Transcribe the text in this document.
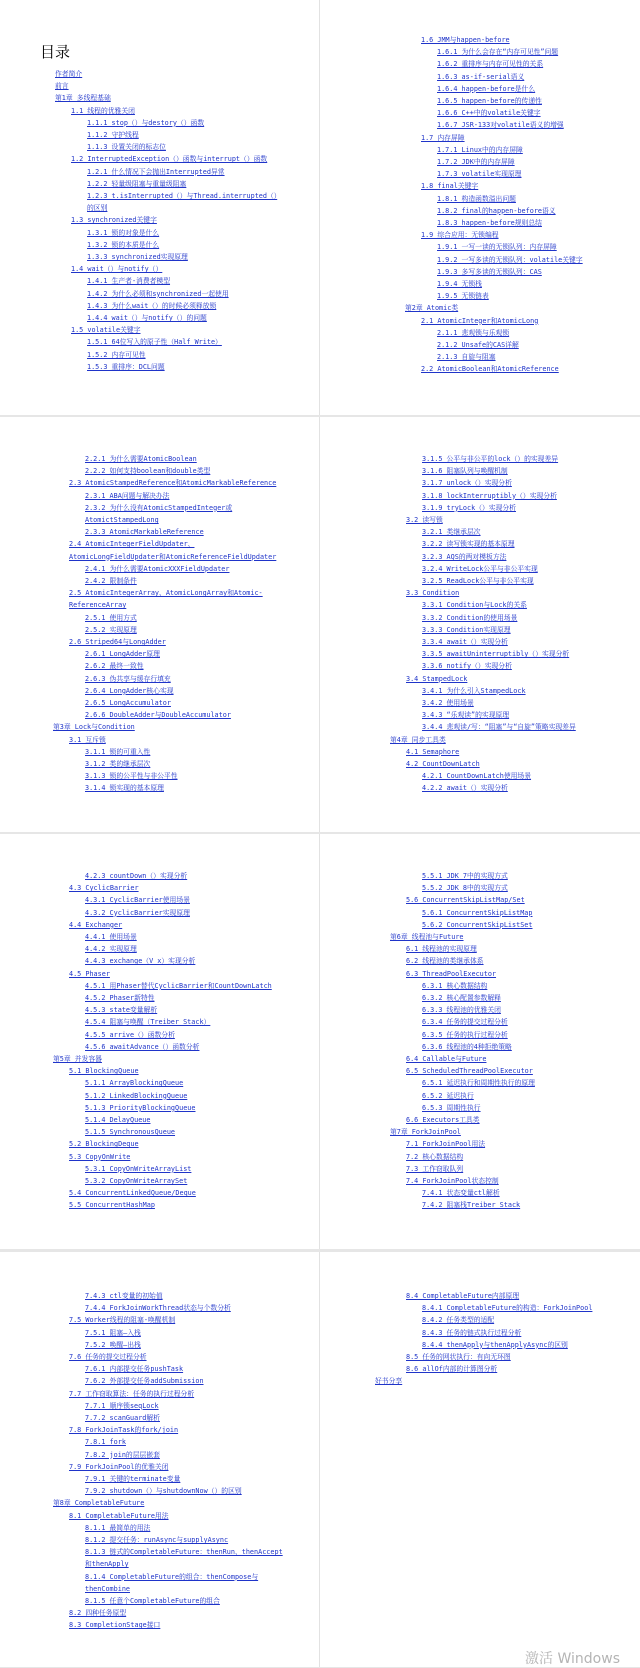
目录
作者简介
前言
第1章 多线程基础
1.1 线程的优雅关闭
1.1.1 stop（）与destory（）函数
1.1.2 守护线程
1.1.3 设置关闭的标志位
1.2 InterruptedException（）函数与interrupt（）函数
1.2.1 什么情况下会抛出Interrupted异常
1.2.2 轻量级阻塞与重量级阻塞
1.2.3 t.isInterrupted（）与Thread.interrupted（）的区别
1.3 synchronized关键字
1.3.1 锁的对象是什么
1.3.2 锁的本质是什么
1.3.3 synchronized实现原理
1.4 wait（）与notify（）
1.4.1 生产者-消费者模型
1.4.2 为什么必须和synchronized一起使用
1.4.3 为什么wait（）的时候必须释放锁
1.4.4 wait（）与notify（）的问题
1.5 volatile关键字
1.5.1 64位写入的原子性（Half Write）
1.5.2 内存可见性
1.5.3 重排序：DCL问题
1.6 JMM与happen-before
1.6.1 为什么会存在“内存可见性”问题
1.6.2 重排序与内存可见性的关系
1.6.3 as-if-serial语义
1.6.4 happen-before是什么
1.6.5 happen-before的传递性
1.6.6 C++中的volatile关键字
1.6.7 JSR-133对volatile语义的增强
1.7 内存屏障
1.7.1 Linux中的内存屏障
1.7.2 JDK中的内存屏障
1.7.3 volatile实现原理
1.8 final关键字
1.8.1 构造函数溢出问题
1.8.2 final的happen-before语义
1.8.3 happen-before规则总结
1.9 综合应用：无锁编程
1.9.1 一写一读的无锁队列：内存屏障
1.9.2 一写多读的无锁队列：volatile关键字
1.9.3 多写多读的无锁队列：CAS
1.9.4 无锁栈
1.9.5 无锁链表
第2章 Atomic类
2.1 AtomicInteger和AtomicLong
2.1.1 悲观锁与乐观锁
2.1.2 Unsafe的CAS详解
2.1.3 自旋与阻塞
2.2 AtomicBoolean和AtomicReference
2.2.1 为什么需要AtomicBoolean
2.2.2 如何支持boolean和double类型
2.3 AtomicStampedReference和AtomicMarkableReference
2.3.1 ABA问题与解决办法
2.3.2 为什么没有AtomicStampedInteger或AtomictStampedLong
2.3.3 AtomicMarkableReference
2.4 AtomicIntegerFieldUpdater、AtomicLongFieldUpdater和AtomicReferenceFieldUpdater
2.4.1 为什么需要AtomicXXXFieldUpdater
2.4.2 限制条件
2.5 AtomicIntegerArray、AtomicLongArray和Atomic-ReferenceArray
2.5.1 使用方式
2.5.2 实现原理
2.6 Striped64与LongAdder
2.6.1 LongAdder原理
2.6.2 最终一致性
2.6.3 伪共享与缓存行填充
2.6.4 LongAdder核心实现
2.6.5 LongAccumulator
2.6.6 DoubleAdder与DoubleAccumulator
第3章 Lock与Condition
3.1 互斥锁
3.1.1 锁的可重入性
3.1.2 类的继承层次
3.1.3 锁的公平性与非公平性
3.1.4 锁实现的基本原理
3.1.5 公平与非公平的lock（）的实现差异
3.1.6 阻塞队列与唤醒机制
3.1.7 unlock（）实现分析
3.1.8 lockInterruptibly（）实现分析
3.1.9 tryLock（）实现分析
3.2 读写锁
3.2.1 类继承层次
3.2.2 读写锁实现的基本原理
3.2.3 AQS的两对模板方法
3.2.4 WriteLock公平与非公平实现
3.2.5 ReadLock公平与非公平实现
3.3 Condition
3.3.1 Condition与Lock的关系
3.3.2 Condition的使用场景
3.3.3 Condition实现原理
3.3.4 await（）实现分析
3.3.5 awaitUninterruptibly（）实现分析
3.3.6 notify（）实现分析
3.4 StampedLock
3.4.1 为什么引入StampedLock
3.4.2 使用场景
3.4.3 “乐观读”的实现原理
3.4.4 悲观读/写：“阻塞”与“自旋”策略实现差异
第4章 同步工具类
4.1 Semaphore
4.2 CountDownLatch
4.2.1 CountDownLatch使用场景
4.2.2 await（）实现分析
4.2.3 countDown（）实现分析
4.3 CyclicBarrier
4.3.1 CyclicBarrier使用场景
4.3.2 CyclicBarrier实现原理
4.4 Exchanger
4.4.1 使用场景
4.4.2 实现原理
4.4.3 exchange（V x）实现分析
4.5 Phaser
4.5.1 用Phaser替代CyclicBarrier和CountDownLatch
4.5.2 Phaser新特性
4.5.3 state变量解析
4.5.4 阻塞与唤醒（Treiber Stack）
4.5.5 arrive（）函数分析
4.5.6 awaitAdvance（）函数分析
第5章 并发容器
5.1 BlockingQueue
5.1.1 ArrayBlockingQueue
5.1.2 LinkedBlockingQueue
5.1.3 PriorityBlockingQueue
5.1.4 DelayQueue
5.1.5 SynchronousQueue
5.2 BlockingDeque
5.3 CopyOnWrite
5.3.1 CopyOnWriteArrayList
5.3.2 CopyOnWriteArraySet
5.4 ConcurrentLinkedQueue/Deque
5.5 ConcurrentHashMap
5.5.1 JDK 7中的实现方式
5.5.2 JDK 8中的实现方式
5.6 ConcurrentSkipListMap/Set
5.6.1 ConcurrentSkipListMap
5.6.2 ConcurrentSkipListSet
第6章 线程池与Future
6.1 线程池的实现原理
6.2 线程池的类继承体系
6.3 ThreadPoolExecutor
6.3.1 核心数据结构
6.3.2 核心配置参数解释
6.3.3 线程池的优雅关闭
6.3.4 任务的提交过程分析
6.3.5 任务的执行过程分析
6.3.6 线程池的4种拒绝策略
6.4 Callable与Future
6.5 ScheduledThreadPoolExecutor
6.5.1 延迟执行和周期性执行的原理
6.5.2 延迟执行
6.5.3 周期性执行
6.6 Executors工具类
第7章 ForkJoinPool
7.1 ForkJoinPool用法
7.2 核心数据结构
7.3 工作窃取队列
7.4 ForkJoinPool状态控制
7.4.1 状态变量ctl解析
7.4.2 阻塞栈Treiber Stack
7.4.3 ctl变量的初始值
7.4.4 ForkJoinWorkThread状态与个数分析
7.5 Worker线程的阻塞-唤醒机制
7.5.1 阻塞–入栈
7.5.2 唤醒–出栈
7.6 任务的提交过程分析
7.6.1 内部提交任务pushTask
7.6.2 外部提交任务addSubmission
7.7 工作窃取算法：任务的执行过程分析
7.7.1 顺序锁seqLock
7.7.2 scanGuard解析
7.8 ForkJoinTask的fork/join
7.8.1 fork
7.8.2 join的层层嵌套
7.9 ForkJoinPool的优雅关闭
7.9.1 关键的terminate变量
7.9.2 shutdown（）与shutdownNow（）的区别
第8章 CompletableFuture
8.1 CompletableFuture用法
8.1.1 最简单的用法
8.1.2 提交任务：runAsync与supplyAsync
8.1.3 链式的CompletableFuture：thenRun、thenAccept和thenApply
8.1.4 CompletableFuture的组合：thenCompose与thenCombine
8.1.5 任意个CompletableFuture的组合
8.2 四种任务原型
8.3 CompletionStage接口
8.4 CompletableFuture内部原理
8.4.1 CompletableFuture的构造：ForkJoinPool
8.4.2 任务类型的适配
8.4.3 任务的链式执行过程分析
8.4.4 thenApply与thenApplyAsync的区别
8.5 任务的网状执行：有向无环图
8.6 allOf内部的计算图分析
好书分享
激活 Windows
